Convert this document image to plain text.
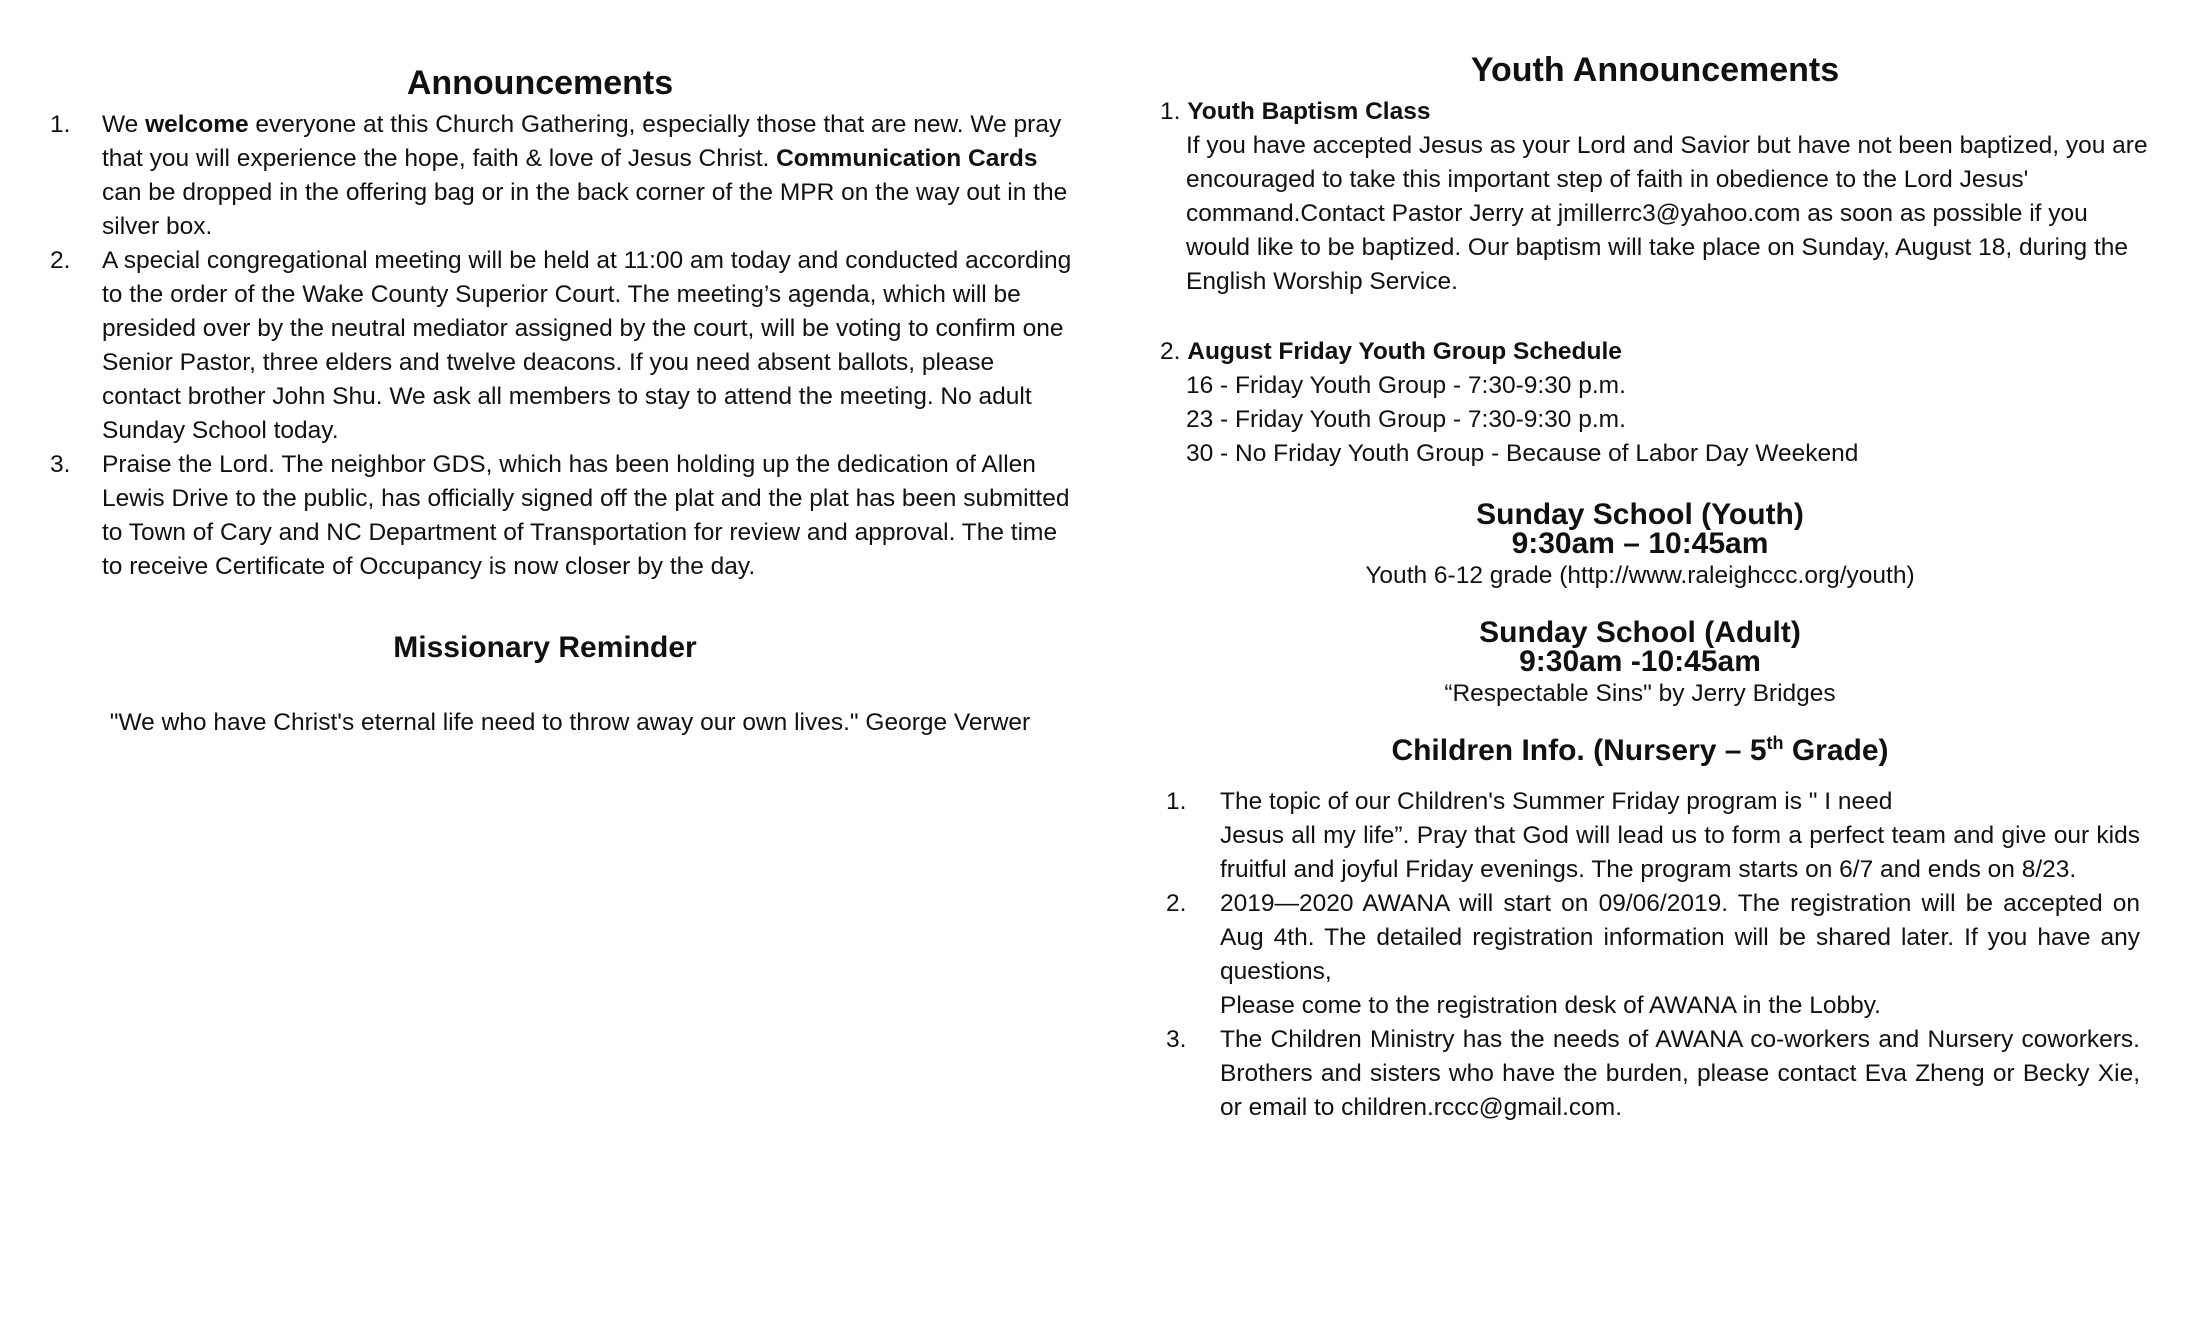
Announcements
1. We welcome everyone at this Church Gathering, especially those that are new. We pray that you will experience the hope, faith & love of Jesus Christ. Communication Cards can be dropped in the offering bag or in the back corner of the MPR on the way out in the silver box.
2. A special congregational meeting will be held at 11:00 am today and conducted according to the order of the Wake County Superior Court. The meeting’s agenda, which will be presided over by the neutral mediator assigned by the court, will be voting to confirm one Senior Pastor, three elders and twelve deacons. If you need absent ballots, please contact brother John Shu. We ask all members to stay to attend the meeting. No adult Sunday School today.
3. Praise the Lord. The neighbor GDS, which has been holding up the dedication of Allen Lewis Drive to the public, has officially signed off the plat and the plat has been submitted to Town of Cary and NC Department of Transportation for review and approval. The time to receive Certificate of Occupancy is now closer by the day.
Missionary Reminder
"We who have Christ's eternal life need to throw away our own lives." George Verwer
Youth Announcements
1. Youth Baptism Class

If you have accepted Jesus as your Lord and Savior but have not been baptized, you are encouraged to take this important step of faith in obedience to the Lord Jesus' command.Contact Pastor Jerry at jmillerrc3@yahoo.com as soon as possible if you would like to be baptized. Our baptism will take place on Sunday, August 18, during the English Worship Service.

2. August Friday Youth Group Schedule
16 - Friday Youth Group - 7:30-9:30 p.m.
23 - Friday Youth Group - 7:30-9:30 p.m.
30 - No Friday Youth Group - Because of Labor Day Weekend
Sunday School (Youth)
9:30am – 10:45am
Youth 6-12 grade (http://www.raleighccc.org/youth)
Sunday School (Adult)
9:30am -10:45am
“Respectable Sins" by Jerry Bridges
Children Info. (Nursery – 5th Grade)
1. The topic of our Children's Summer Friday program is " I need
Jesus all my life”. Pray that God will lead us to form a perfect team and give our kids fruitful and joyful Friday evenings. The program starts on 6/7 and ends on 8/23.
2. 2019—2020 AWANA will start on 09/06/2019. The registration will be accepted on Aug 4th. The detailed registration information will be shared later. If you have any questions,
Please come to the registration desk of AWANA in the Lobby.
3. The Children Ministry has the needs of AWANA co-workers and Nursery coworkers. Brothers and sisters who have the burden, please contact Eva Zheng or Becky Xie, or email to children.rccc@gmail.com.
